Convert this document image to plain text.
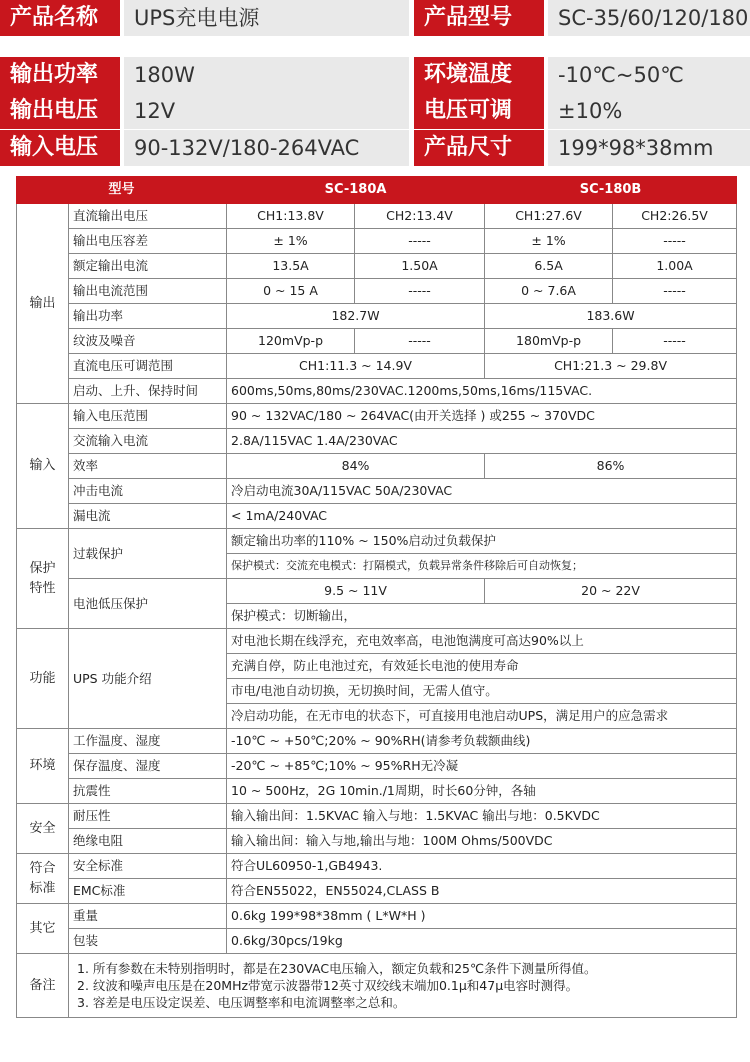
产品名称	UPS充电电源	产品型号	SC-35/60/120/180
输出功率	180W	环境温度	-10℃~50℃
输出电压	12V	电压可调	±10%
输入电压	90-132V/180-264VAC	产品尺寸	199*98*38mm
型号		SC-180A		SC-180B	
输出	直流输出电压	CH1:13.8V	CH2:13.4V	CH1:27.6V	CH2:26.5V
	输出电压容差	± 1%	-----	± 1%	-----
	额定输出电流	13.5A	1.50A	6.5A	1.00A
	输出电流范围	0 ~ 15 A	-----	0 ~ 7.6A	-----
	输出功率	182.7W		183.6W	
	纹波及噪音	120mVp-p	-----	180mVp-p	-----
	直流电压可调范围	CH1:11.3 ~ 14.9V		CH1:21.3 ~ 29.8V	
	启动、上升、保持时间	600ms,50ms,80ms/230VAC.1200ms,50ms,16ms/115VAC.			
输入	输入电压范围	90 ~ 132VAC/180 ~ 264VAC(由开关选择 ) 或255 ~ 370VDC			
	交流输入电流	2.8A/115VAC 1.4A/230VAC			
	效率	84%		86%	
	冲击电流	冷启动电流30A/115VAC 50A/230VAC			
	漏电流	< 1mA/240VAC			
保护
特性	过载保护	额定输出功率的110% ~ 150%启动过负载保护			
		保护模式：交流充电模式：打隔模式，负载异常条件移除后可自动恢复；			
	电池低压保护	9.5 ~ 11V		20 ~ 22V	
		保护模式：切断输出，			
功能	UPS 功能介绍	对电池长期在线浮充，充电效率高，电池饱满度可高达90%以上			
		充满自停，防止电池过充，有效延长电池的使用寿命			
		市电/电池自动切换，无切换时间，无需人值守。			
		冷启动功能，在无市电的状态下，可直接用电池启动UPS，满足用户的应急需求			
环境	工作温度、湿度	-10℃ ~ +50℃;20% ~ 90%RH(请参考负载额曲线)			
	保存温度、湿度	-20℃ ~ +85℃;10% ~ 95%RH无冷凝			
	抗震性	10 ~ 500Hz，2G 10min./1周期，时长60分钟，各轴			
安全	耐压性	输入输出间：1.5KVAC 输入与地：1.5KVAC 输出与地：0.5KVDC			
	绝缘电阻	输入输出间：输入与地,输出与地：100M Ohms/500VDC			
符合
标准	安全标准	符合UL60950-1,GB4943.			
	EMC标准	符合EN55022，EN55024,CLASS B			
其它	重量	0.6kg 199*98*38mm ( L*W*H )			
	包装	0.6kg/30pcs/19kg			
备注	1. 所有参数在未特别指明时，都是在230VAC电压输入，额定负载和25℃条件下测量所得值。
2. 纹波和噪声电压是在20MHz带宽示波器带12英寸双绞线末端加0.1μ和47μ电容时测得。
3. 容差是电压设定误差、电压调整率和电流调整率之总和。				
